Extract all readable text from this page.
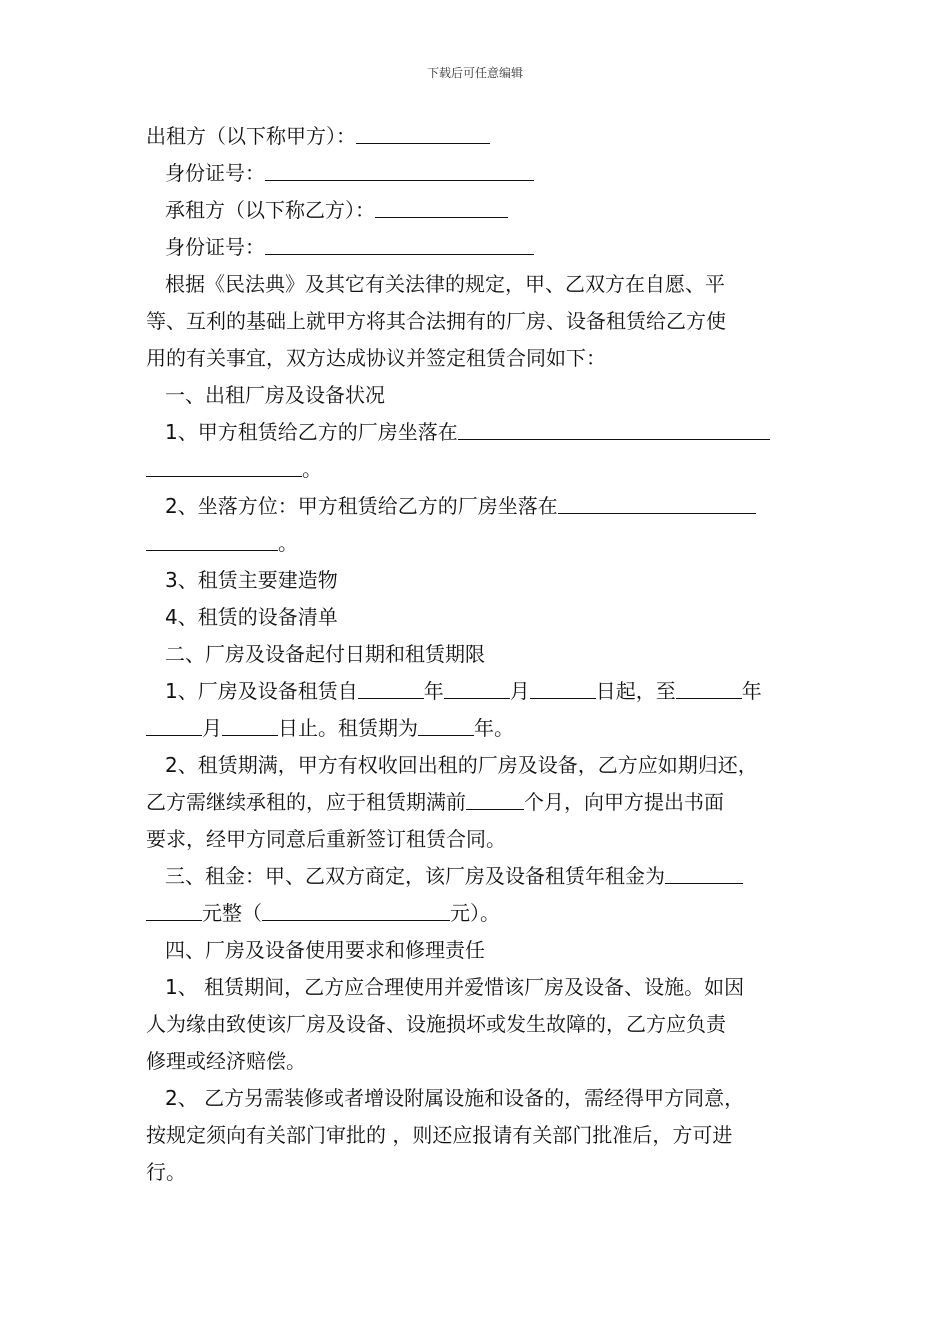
下载后可任意编辑
出租方（以下称甲方）：
身份证号：
承租方（以下称乙方）：
身份证号：
根据《民法典》及其它有关法律的规定，甲、乙双方在自愿、平
等、互利的基础上就甲方将其合法拥有的厂房、设备租赁给乙方使
用的有关事宜，双方达成协议并签定租赁合同如下：
一、出租厂房及设备状况
1、甲方租赁给乙方的厂房坐落在
。
2、坐落方位：甲方租赁给乙方的厂房坐落在
。
3、租赁主要建造物
4、租赁的设备清单
二、厂房及设备起付日期和租赁期限
1、厂房及设备租赁自	年	月	日起，至	年
月	日止。租赁期为	年。
2、租赁期满，甲方有权收回出租的厂房及设备，乙方应如期归还，
乙方需继续承租的，应于租赁期满前	个月，向甲方提出书面
要求，经甲方同意后重新签订租赁合同。
三、租金：甲、乙双方商定，该厂房及设备租赁年租金为
元整（	元）。
四、厂房及设备使用要求和修理责任
1、 租赁期间，乙方应合理使用并爱惜该厂房及设备、设施。如因
人为缘由致使该厂房及设备、设施损坏或发生故障的，乙方应负责
修理或经济赔偿。
2、 乙方另需装修或者增设附属设施和设备的，需经得甲方同意，
按规定须向有关部门审批的 ，则还应报请有关部门批准后，方可进
行。
